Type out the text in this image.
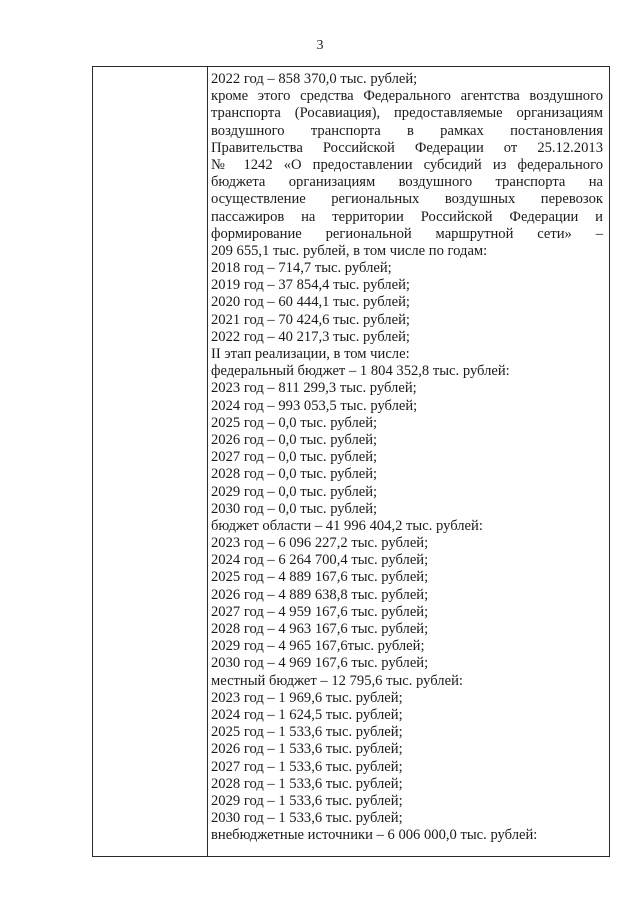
3
2022 год – 858 370,0 тыс. рублей;
кроме этого средства Федерального агентства воздушного
транспорта (Росавиация), предоставляемые организациям
воздушного транспорта в рамках постановления
Правительства Российской Федерации от 25.12.2013
№ 1242 «О предоставлении субсидий из федерального
бюджета организациям воздушного транспорта на
осуществление региональных воздушных перевозок
пассажиров на территории Российской Федерации и
формирование региональной маршрутной сети» –
209 655,1 тыс. рублей, в том числе по годам:
2018 год – 714,7 тыс. рублей;
2019 год – 37 854,4 тыс. рублей;
2020 год – 60 444,1 тыс. рублей;
2021 год – 70 424,6 тыс. рублей;
2022 год – 40 217,3 тыс. рублей;
II этап реализации, в том числе:
федеральный бюджет – 1 804 352,8 тыс. рублей:
2023 год – 811 299,3 тыс. рублей;
2024 год – 993 053,5 тыс. рублей;
2025 год – 0,0 тыс. рублей;
2026 год – 0,0 тыс. рублей;
2027 год – 0,0 тыс. рублей;
2028 год – 0,0 тыс. рублей;
2029 год – 0,0 тыс. рублей;
2030 год – 0,0 тыс. рублей;
бюджет области – 41 996 404,2 тыс. рублей:
2023 год – 6 096 227,2 тыс. рублей;
2024 год – 6 264 700,4 тыс. рублей;
2025 год – 4 889 167,6 тыс. рублей;
2026 год – 4 889 638,8 тыс. рублей;
2027 год – 4 959 167,6 тыс. рублей;
2028 год – 4 963 167,6 тыс. рублей;
2029 год – 4 965 167,6тыс. рублей;
2030 год – 4 969 167,6 тыс. рублей;
местный бюджет – 12 795,6 тыс. рублей:
2023 год – 1 969,6 тыс. рублей;
2024 год – 1 624,5 тыс. рублей;
2025 год – 1 533,6 тыс. рублей;
2026 год – 1 533,6 тыс. рублей;
2027 год – 1 533,6 тыс. рублей;
2028 год – 1 533,6 тыс. рублей;
2029 год – 1 533,6 тыс. рублей;
2030 год – 1 533,6 тыс. рублей;
внебюджетные источники – 6 006 000,0 тыс. рублей:
